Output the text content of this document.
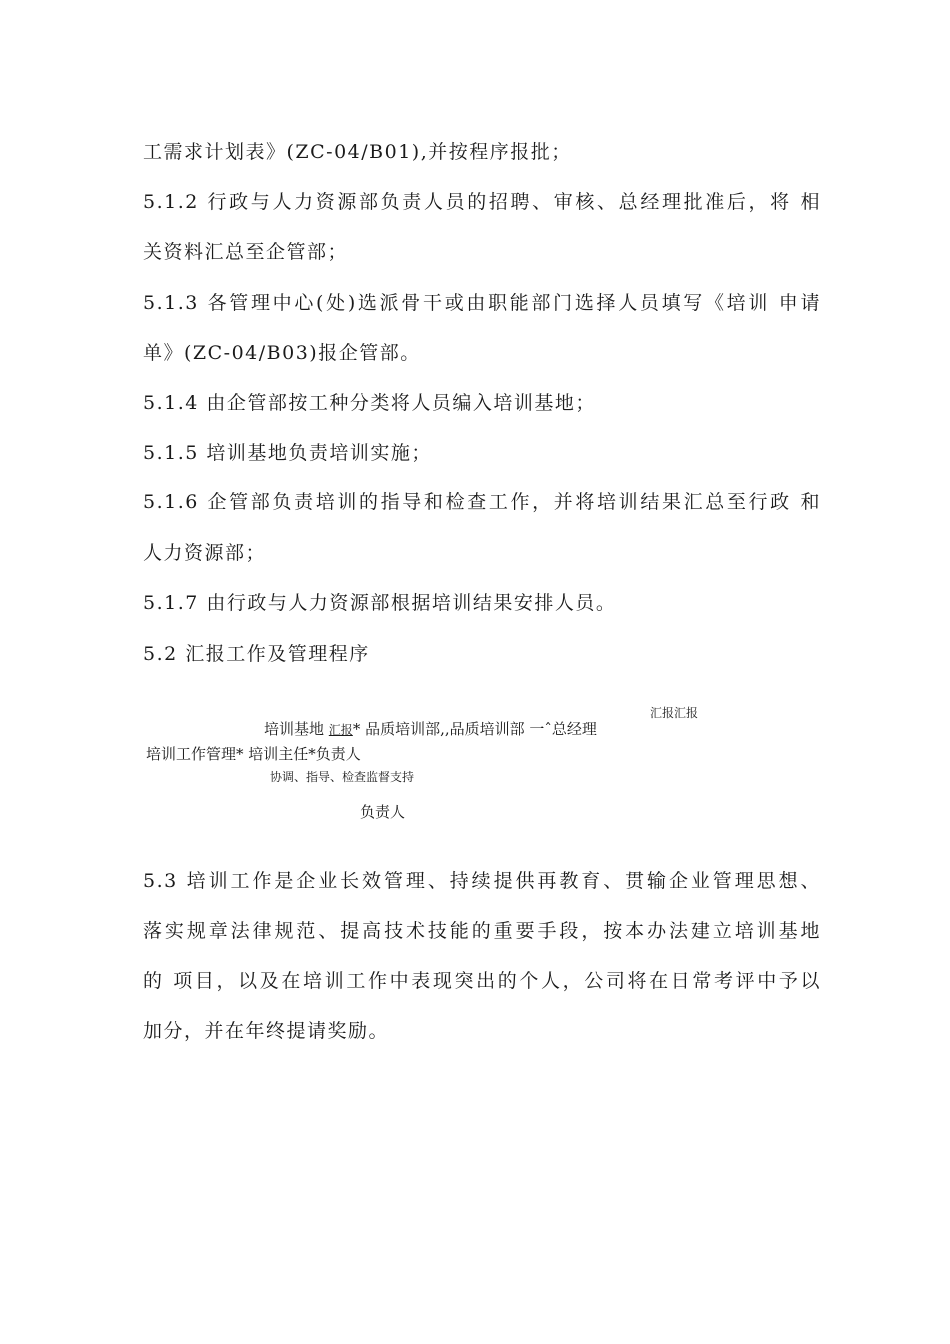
工需求计划表》(ZC-04/B01),并按程序报批；
5.1.2 行政与人力资源部负责人员的招聘、审核、总经理批准后，将 相
关资料汇总至企管部；
5.1.3 各管理中心(处)选派骨干或由职能部门选择人员填写《培训 申请
单》(ZC-04/B03)报企管部。
5.1.4 由企管部按工种分类将人员编入培训基地；
5.1.5 培训基地负责培训实施；
5.1.6 企管部负责培训的指导和检查工作，并将培训结果汇总至行政 和
人力资源部；
5.1.7 由行政与人力资源部根据培训结果安排人员。
5.2 汇报工作及管理程序
汇报汇报
培训基地 汇报* 品质培训部,,品质培训部 一ˆ总经理
培训工作管理* 培训主任*负责人
协调、指导、检查监督支持
负责人
5.3 培训工作是企业长效管理、持续提供再教育、贯输企业管理思想、
落实规章法律规范、提高技术技能的重要手段，按本办法建立培训基地
的 项目，以及在培训工作中表现突出的个人，公司将在日常考评中予以
加分，并在年终提请奖励。
